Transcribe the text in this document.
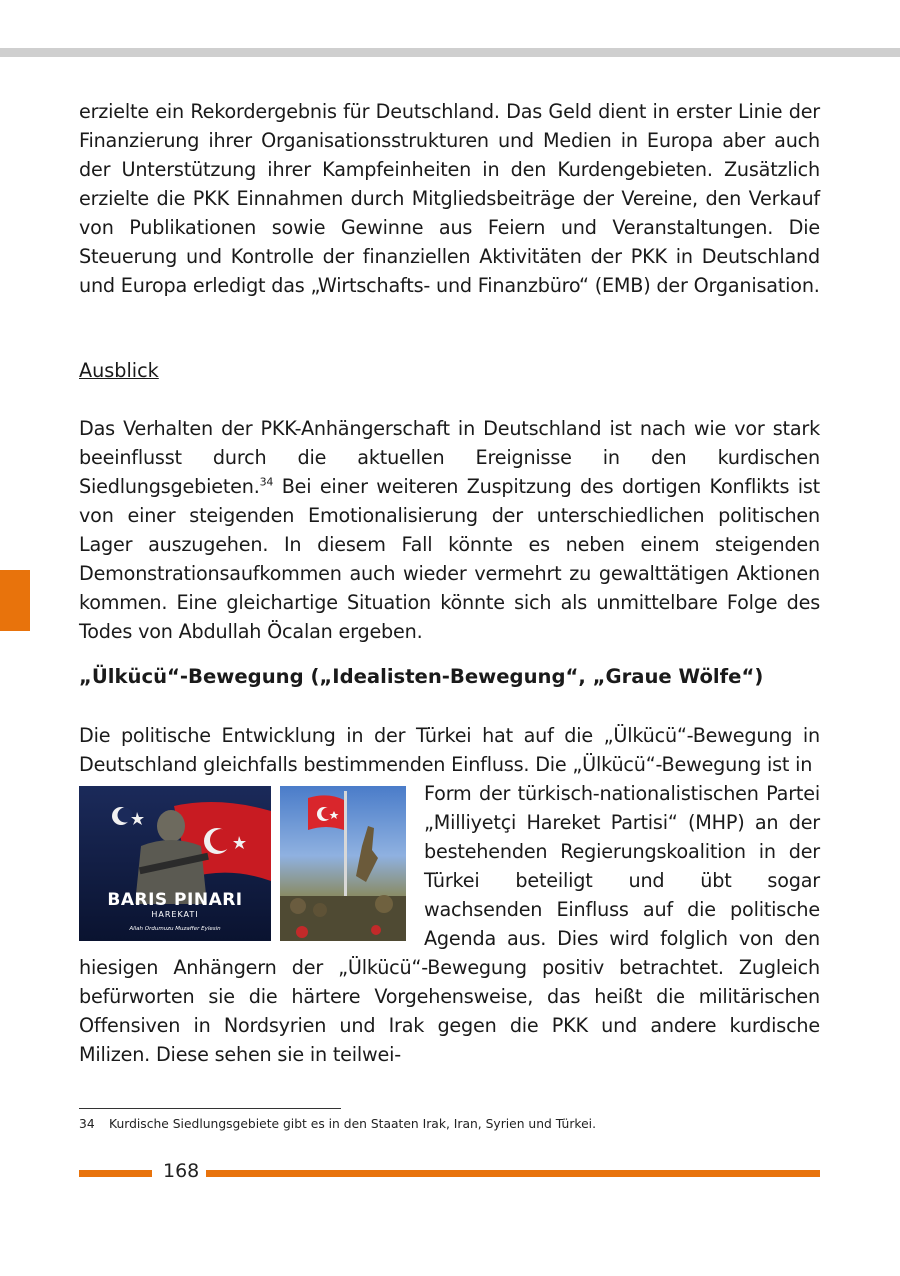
erzielte ein Rekordergebnis für Deutschland. Das Geld dient in erster Linie der Finanzierung ihrer Organisationsstrukturen und Medien in Europa aber auch der Unterstützung ihrer Kampfeinheiten in den Kurdengebieten. Zusätzlich erzielte die PKK Einnahmen durch Mitgliedsbeiträge der Vereine, den Verkauf von Publikationen sowie Gewinne aus Feiern und Veranstaltungen. Die Steuerung und Kontrolle der finanziellen Aktivitäten der PKK in Deutschland und Europa erledigt das „Wirtschafts- und Finanzbüro“ (EMB) der Organisation.

Ausblick

Das Verhalten der PKK-Anhängerschaft in Deutschland ist nach wie vor stark beeinflusst durch die aktuellen Ereignisse in den kurdischen Siedlungsgebieten.$^{34}$ Bei einer weiteren Zuspitzung des dortigen Konflikts ist von einer steigenden Emotionalisierung der unterschiedlichen politischen Lager auszugehen. In diesem Fall könnte es neben einem steigenden Demonstrationsaufkommen auch wieder vermehrt zu gewalttätigen Aktionen kommen. Eine gleichartige Situation könnte sich als unmittelbare Folge des Todes von Abdullah Öcalan ergeben.

„Ülkücü“-Bewegung („Idealisten-Bewegung“, „Graue Wölfe“)

Die politische Entwicklung in der Türkei hat auf die „Ülkücü“-Bewegung in Deutschland gleichfalls bestimmenden Einfluss. Die „Ülkücü“-Bewegung ist in

BARIS PINARI
HAREKATI
Allah Ordumuzu Muzaffer Eylesin

Form der türkisch-nationalistischen Partei „Milliyetçi Hareket Partisi“ (MHP) an der bestehenden Regierungskoalition in der Türkei beteiligt und übt sogar wachsenden Einfluss auf die politische Agenda aus. Dies wird folglich von den hiesigen Anhängern der „Ülkücü“-Bewegung positiv betrachtet. Zugleich befürworten sie die härtere Vorgehensweise, das heißt die militärischen Offensiven in Nordsyrien und Irak gegen die PKK und andere kurdische Milizen. Diese sehen sie in teilwei-

34 Kurdische Siedlungsgebiete gibt es in den Staaten Irak, Iran, Syrien und Türkei.

168
